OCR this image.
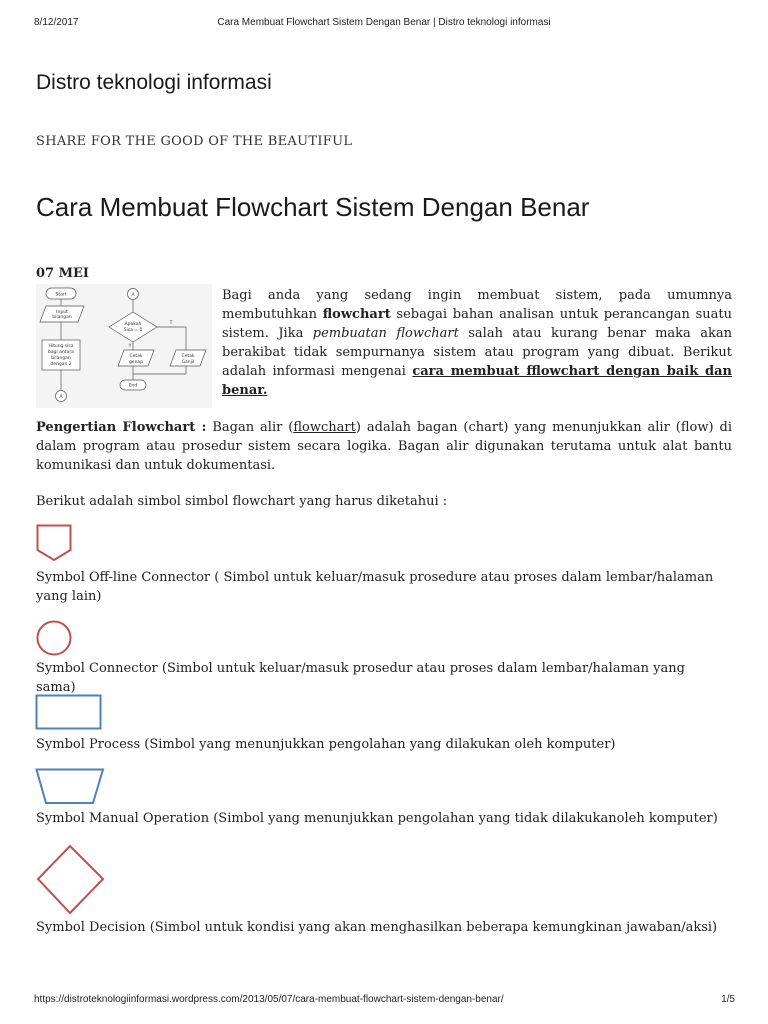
8/12/2017	Cara Membuat Flowchart Sistem Dengan Benar | Distro teknologi informasi
Distro teknologi informasi
SHARE FOR THE GOOD OF THE BEAUTIFUL
Cara Membuat Flowchart Sistem Dengan Benar
07 MEI
Start
Input
bilangan
Hitung sisa
bagi antara
bilangan
dengan 2
A
A
Apakah
Sisa = 0
Y
T
Cetak
genap
Cetak
Ganjil
End

Bagi anda yang sedang ingin membuat sistem, pada umumnya membutuhkan flowchart sebagai bahan analisan untuk perancangan suatu sistem. Jika pembuatan flowchart salah atau kurang benar maka akan berakibat tidak sempurnanya sistem atau program yang dibuat. Berikut adalah informasi mengenai cara membuat fflowchart dengan baik dan benar.

Pengertian Flowchart : Bagan alir (flowchart) adalah bagan (chart) yang menunjukkan alir (flow) di dalam program atau prosedur sistem secara logika. Bagan alir digunakan terutama untuk alat bantu komunikasi dan untuk dokumentasi.

Berikut adalah simbol simbol flowchart yang harus diketahui :

Symbol Off-line Connector ( Simbol untuk keluar/masuk prosedure atau proses dalam lembar/halaman yang lain)

Symbol Connector (Simbol untuk keluar/masuk prosedur atau proses dalam lembar/halaman yang sama)

Symbol Process (Simbol yang menunjukkan pengolahan yang dilakukan oleh komputer)

Symbol Manual Operation (Simbol yang menunjukkan pengolahan yang tidak dilakukanoleh komputer)

Symbol Decision (Simbol untuk kondisi yang akan menghasilkan beberapa kemungkinan jawaban/aksi)

https://distroteknologiinformasi.wordpress.com/2013/05/07/cara-membuat-flowchart-sistem-dengan-benar/	1/5
